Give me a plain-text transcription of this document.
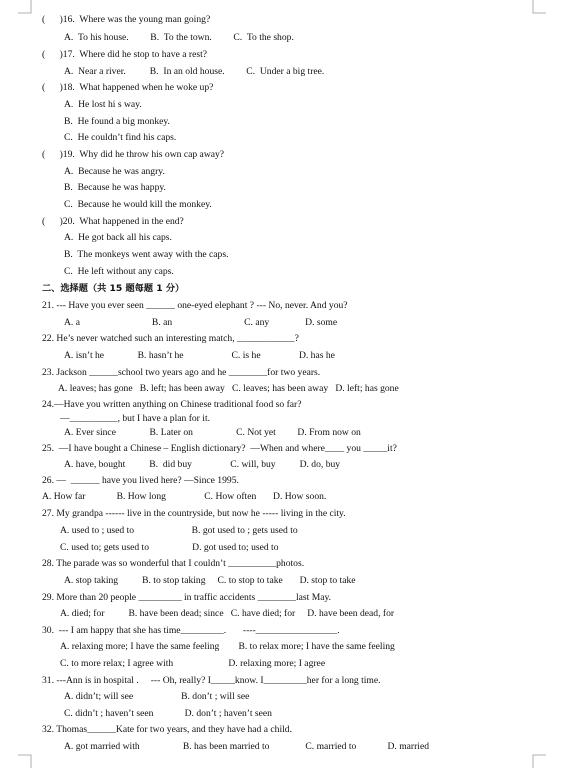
(      )16.  Where was the young man going?
A.  To his house.         B.  To the town.         C.  To the shop.
(      )17.  Where did he stop to have a rest?
A.  Near a river.          B.  In an old house.         C.  Under a big tree.
(      )18.  What happened when he woke up?
A.  He lost hi s way.
B.  He found a big monkey.
C.  He couldn’t find his caps.
(      )19.  Why did he throw his own cap away?
A.  Because he was angry.
B.  Because he was happy.
C.  Because he would kill the monkey.
(      )20.  What happened in the end?
A.  He got back all his caps.
B.  The monkeys went away with the caps.
C.  He left without any caps.
二、选择题（共 15 题每题 1 分）
21. --- Have you ever seen ______ one-eyed elephant ? --- No, never. And you?
A. a                              B. an                              C. any               D. some
22. He’s never watched such an interesting match, ____________?
A. isn’t he              B. hasn’t he                    C. is he                D. has he
23. Jackson ______school two years ago and he ________for two years.
A. leaves; has gone   B. left; has been away   C. leaves; has been away   D. left; has gone
24.—Have you written anything on Chinese traditional food so far?
—__________, but I have a plan for it.
A. Ever since              B. Later on                  C. Not yet         D. From now on
25.  —I have bought a Chinese – English dictionary?  —When and where____ you _____it?
A. have, bought          B.  did buy                C. will, buy          D. do, buy
26. —  ______ have you lived here? —Since 1995.
A. How far             B. How long                C. How often       D. How soon.
27. My grandpa ------ live in the countryside, but now he ----- living in the city.
A. used to ; used to                        B. got used to ; gets used to
C. used to; gets used to                  D. got used to; used to
28. The parade was so wonderful that I couldn’t __________photos.
A. stop taking          B. to stop taking     C. to stop to take       D. stop to take
29. More than 20 people _________ in traffic accidents ________last May.
A. died; for          B. have been dead; since   C. have died; for     D. have been dead, for
30.  --- I am happy that she has time_________.       ----_________________.
A. relaxing more; I have the same feeling        B. to relax more; I have the same feeling
C. to more relax; I agree with                       D. relaxing more; I agree
31. ---Ann is in hospital .     --- Oh, really? I_____know. I_________her for a long time.
A. didn’t; will see                    B. don’t ; will see
C. didn’t ; haven’t seen             D. don’t ; haven’t seen
32. Thomas______Kate for two years, and they have had a child.
A. got married with                  B. has been married to               C. married to             D. married
